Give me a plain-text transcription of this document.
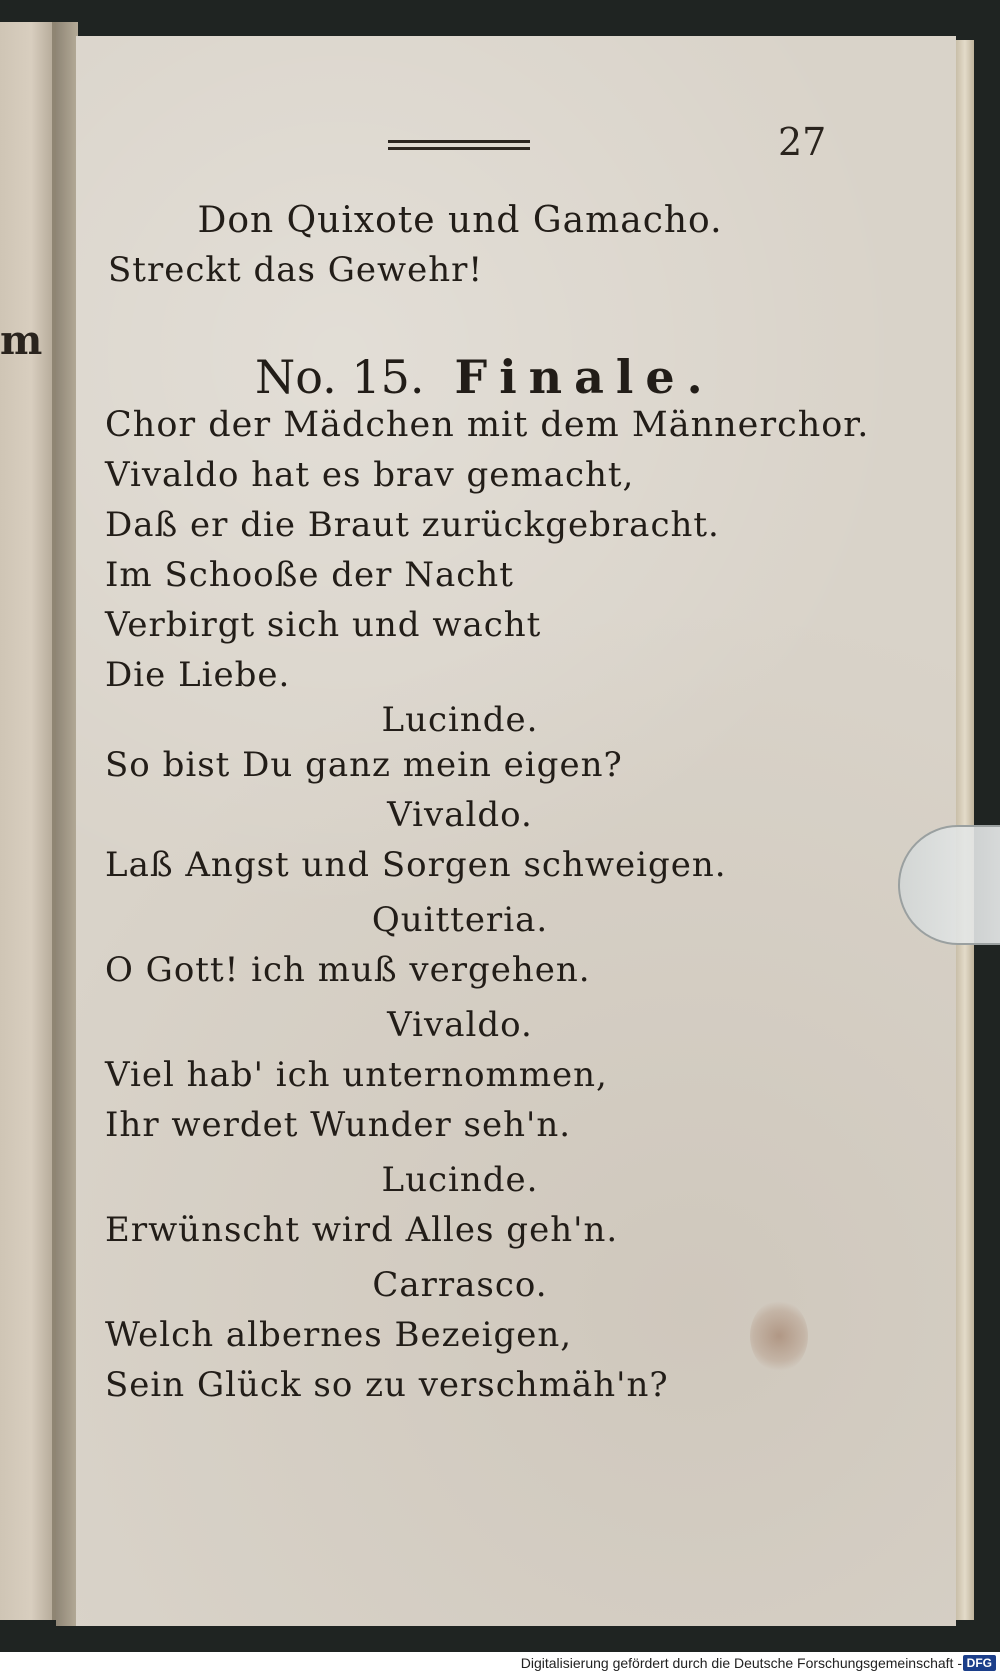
m
27
Don Quixote und Gamacho.
Streckt das Gewehr!
No. 15. Finale.
Chor der Mädchen mit dem Männerchor.
Vivaldo hat es brav gemacht,
Daß er die Braut zurückgebracht.
Im Schooße der Nacht
Verbirgt sich und wacht
Die Liebe.
Lucinde.
So bist Du ganz mein eigen?
Vivaldo.
Laß Angst und Sorgen schweigen.
Quitteria.
O Gott! ich muß vergehen.
Vivaldo.
Viel hab' ich unternommen,
Ihr werdet Wunder seh'n.
Lucinde.
Erwünscht wird Alles geh'n.
Carrasco.
Welch albernes Bezeigen,
Sein Glück so zu verschmäh'n?
Digitalisierung gefördert durch die Deutsche Forschungsgemeinschaft - DFG
